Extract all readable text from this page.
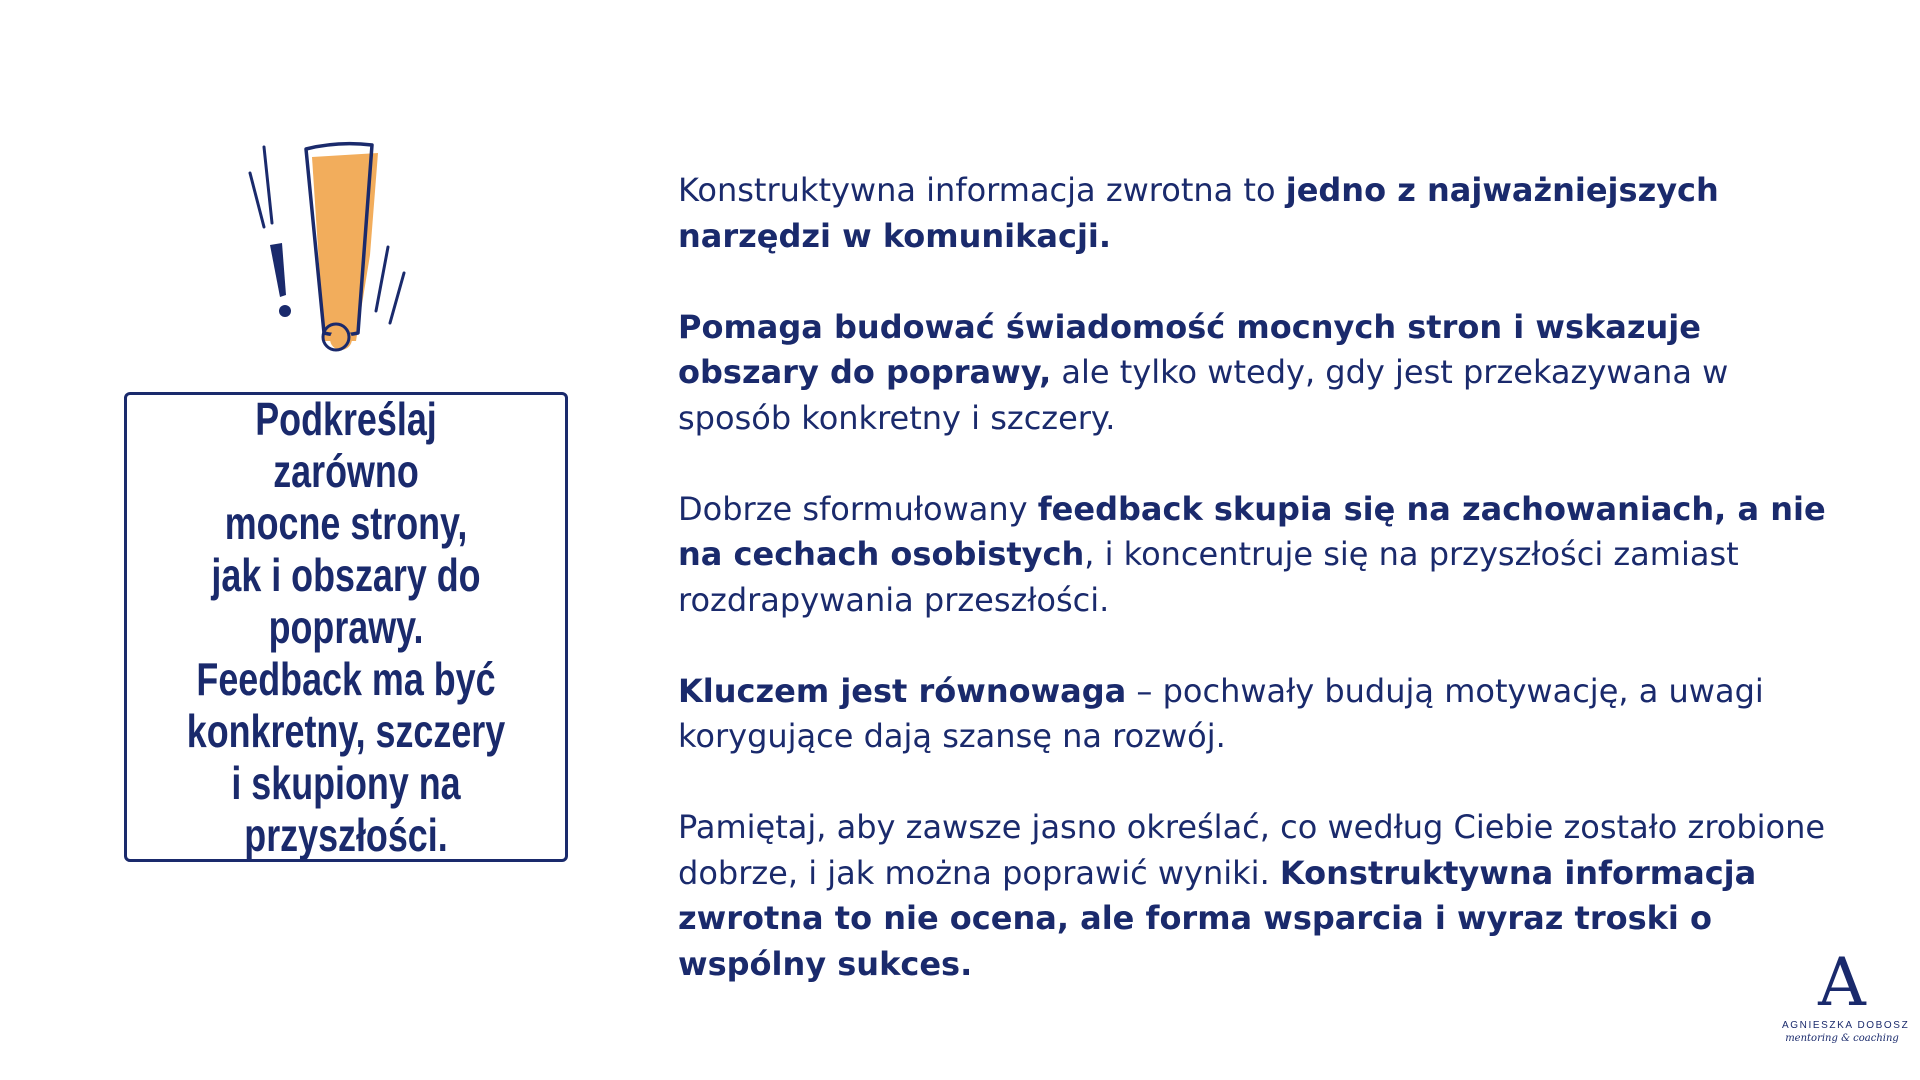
Podkreślaj zarówno
mocne strony,
jak i obszary do
poprawy.
Feedback ma być
konkretny, szczery
i skupiony na
przyszłości.

Konstruktywna informacja zwrotna to jedno z najważniejszych narzędzi w komunikacji.

Pomaga budować świadomość mocnych stron i wskazuje obszary do poprawy, ale tylko wtedy, gdy jest przekazywana w sposób konkretny i szczery.

Dobrze sformułowany feedback skupia się na zachowaniach, a nie na cechach osobistych, i koncentruje się na przyszłości zamiast rozdrapywania przeszłości.

Kluczem jest równowaga – pochwały budują motywację, a uwagi korygujące dają szansę na rozwój.

Pamiętaj, aby zawsze jasno określać, co według Ciebie zostało zrobione dobrze, i jak można poprawić wyniki. Konstruktywna informacja zwrotna to nie ocena, ale forma wsparcia i wyraz troski o wspólny sukces.	A
AGNIESZKA DOBOSZ
mentoring & coaching
